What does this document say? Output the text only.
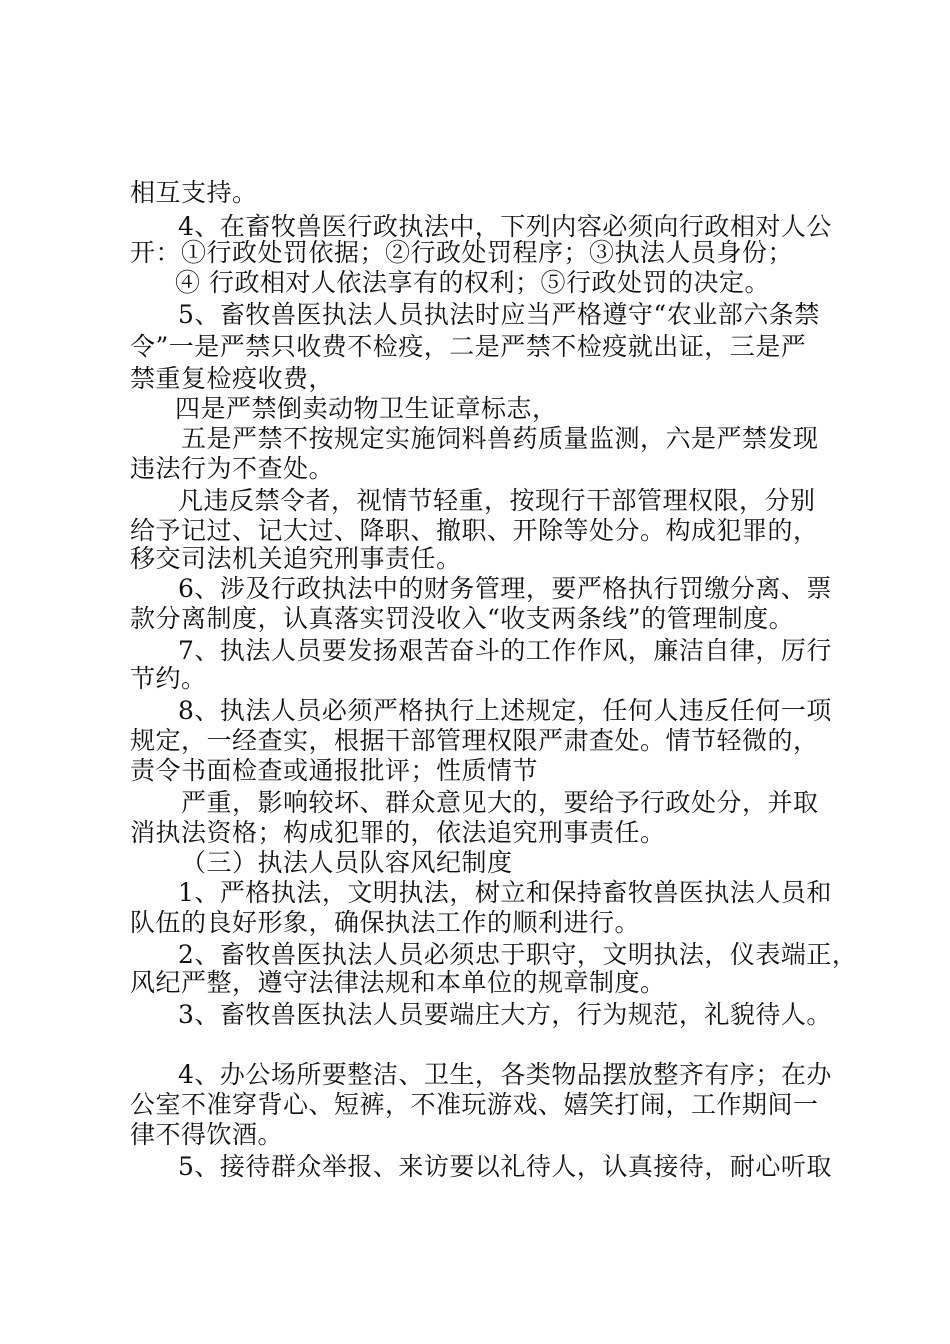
相互支持。
4、在畜牧兽医行政执法中，下列内容必须向行政相对人公
开：①行政处罚依据；②行政处罚程序；③执法人员身份；
④ 行政相对人依法享有的权利；⑤行政处罚的决定。
5、畜牧兽医执法人员执法时应当严格遵守“农业部六条禁
令”一是严禁只收费不检疫，二是严禁不检疫就出证，三是严
禁重复检疫收费，
四是严禁倒卖动物卫生证章标志，
五是严禁不按规定实施饲料兽药质量监测，六是严禁发现
违法行为不查处。
凡违反禁令者，视情节轻重，按现行干部管理权限，分别
给予记过、记大过、降职、撤职、开除等处分。构成犯罪的，
移交司法机关追究刑事责任。
6、涉及行政执法中的财务管理，要严格执行罚缴分离、票
款分离制度，认真落实罚没收入“收支两条线”的管理制度。
7、执法人员要发扬艰苦奋斗的工作作风，廉洁自律，厉行
节约。
8、执法人员必须严格执行上述规定，任何人违反任何一项
规定，一经查实，根据干部管理权限严肃查处。情节轻微的，
责令书面检查或通报批评；性质情节
严重，影响较坏、群众意见大的，要给予行政处分，并取
消执法资格；构成犯罪的，依法追究刑事责任。
（三）执法人员队容风纪制度
1、严格执法，文明执法，树立和保持畜牧兽医执法人员和
队伍的良好形象，确保执法工作的顺利进行。
2、畜牧兽医执法人员必须忠于职守，文明执法，仪表端正，
风纪严整，遵守法律法规和本单位的规章制度。
3、畜牧兽医执法人员要端庄大方，行为规范，礼貌待人。
4、办公场所要整洁、卫生，各类物品摆放整齐有序；在办
公室不准穿背心、短裤，不准玩游戏、嬉笑打闹，工作期间一
律不得饮酒。
5、接待群众举报、来访要以礼待人，认真接待，耐心听取
